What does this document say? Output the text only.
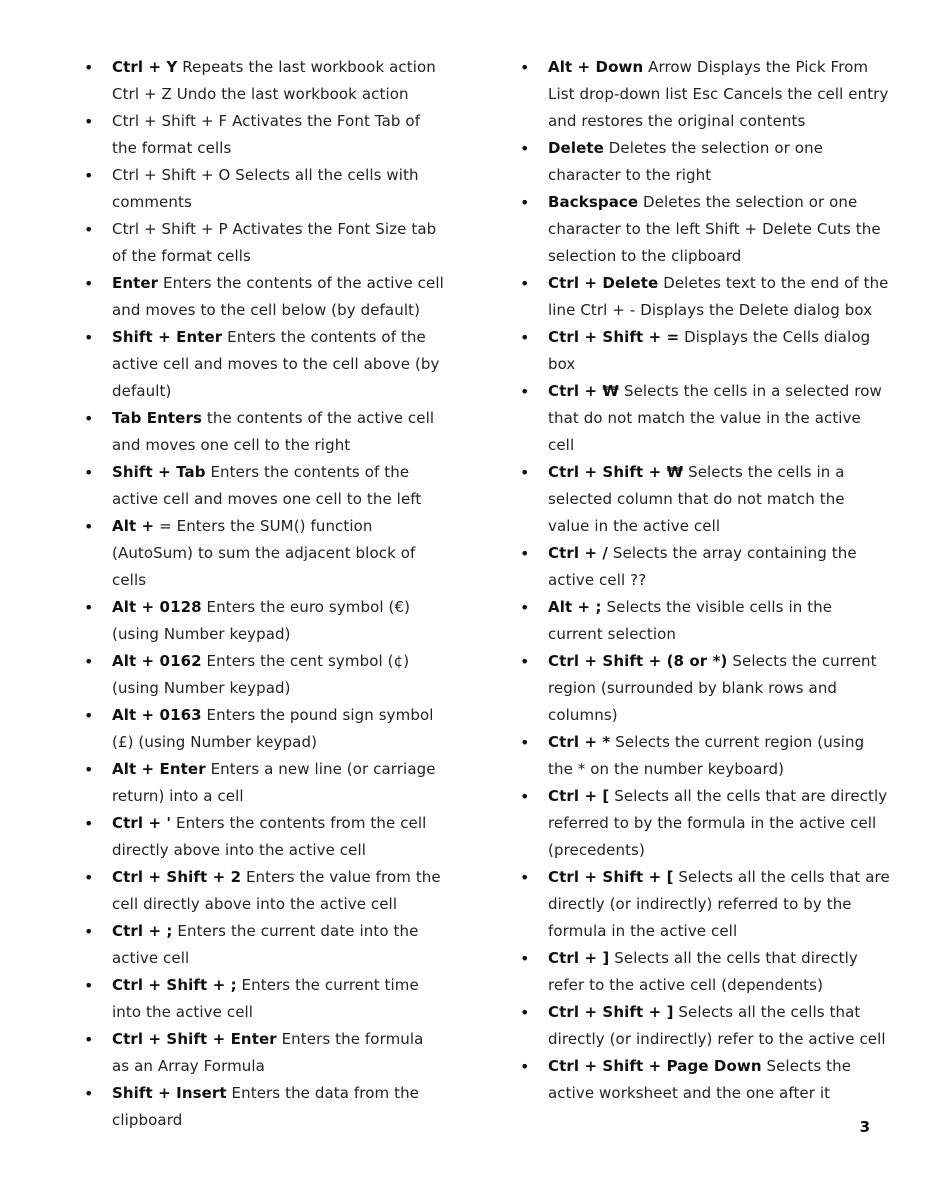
• Ctrl + Y Repeats the last workbook action Ctrl + Z Undo the last workbook action
• Ctrl + Shift + F Activates the Font Tab of the format cells
• Ctrl + Shift + O Selects all the cells with comments
• Ctrl + Shift + P Activates the Font Size tab of the format cells
• Enter Enters the contents of the active cell and moves to the cell below (by default)
• Shift + Enter Enters the contents of the active cell and moves to the cell above (by default)
• Tab Enters the contents of the active cell and moves one cell to the right
• Shift + Tab Enters the contents of the active cell and moves one cell to the left
• Alt + = Enters the SUM() function (AutoSum) to sum the adjacent block of cells
• Alt + 0128 Enters the euro symbol (€) (using Number keypad)
• Alt + 0162 Enters the cent symbol (¢) (using Number keypad)
• Alt + 0163 Enters the pound sign symbol (£) (using Number keypad)
• Alt + Enter Enters a new line (or carriage return) into a cell
• Ctrl + ' Enters the contents from the cell directly above into the active cell
• Ctrl + Shift + 2 Enters the value from the cell directly above into the active cell
• Ctrl + ; Enters the current date into the active cell
• Ctrl + Shift + ; Enters the current time into the active cell
• Ctrl + Shift + Enter Enters the formula as an Array Formula
• Shift + Insert Enters the data from the clipboard
• Alt + Down Arrow Displays the Pick From List drop-down list Esc Cancels the cell entry and restores the original contents
• Delete Deletes the selection or one character to the right
• Backspace Deletes the selection or one character to the left Shift + Delete Cuts the selection to the clipboard
• Ctrl + Delete Deletes text to the end of the line Ctrl + - Displays the Delete dialog box
• Ctrl + Shift + = Displays the Cells dialog box
• Ctrl + ₩ Selects the cells in a selected row that do not match the value in the active cell
• Ctrl + Shift + ₩ Selects the cells in a selected column that do not match the value in the active cell
• Ctrl + / Selects the array containing the active cell ??
• Alt + ; Selects the visible cells in the current selection
• Ctrl + Shift + (8 or *) Selects the current region (surrounded by blank rows and columns)
• Ctrl + * Selects the current region (using the * on the number keyboard)
• Ctrl + [ Selects all the cells that are directly referred to by the formula in the active cell (precedents)
• Ctrl + Shift + [ Selects all the cells that are directly (or indirectly) referred to by the formula in the active cell
• Ctrl + ] Selects all the cells that directly refer to the active cell (dependents)
• Ctrl + Shift + ] Selects all the cells that directly (or indirectly) refer to the active cell
• Ctrl + Shift + Page Down Selects the active worksheet and the one after it
3
